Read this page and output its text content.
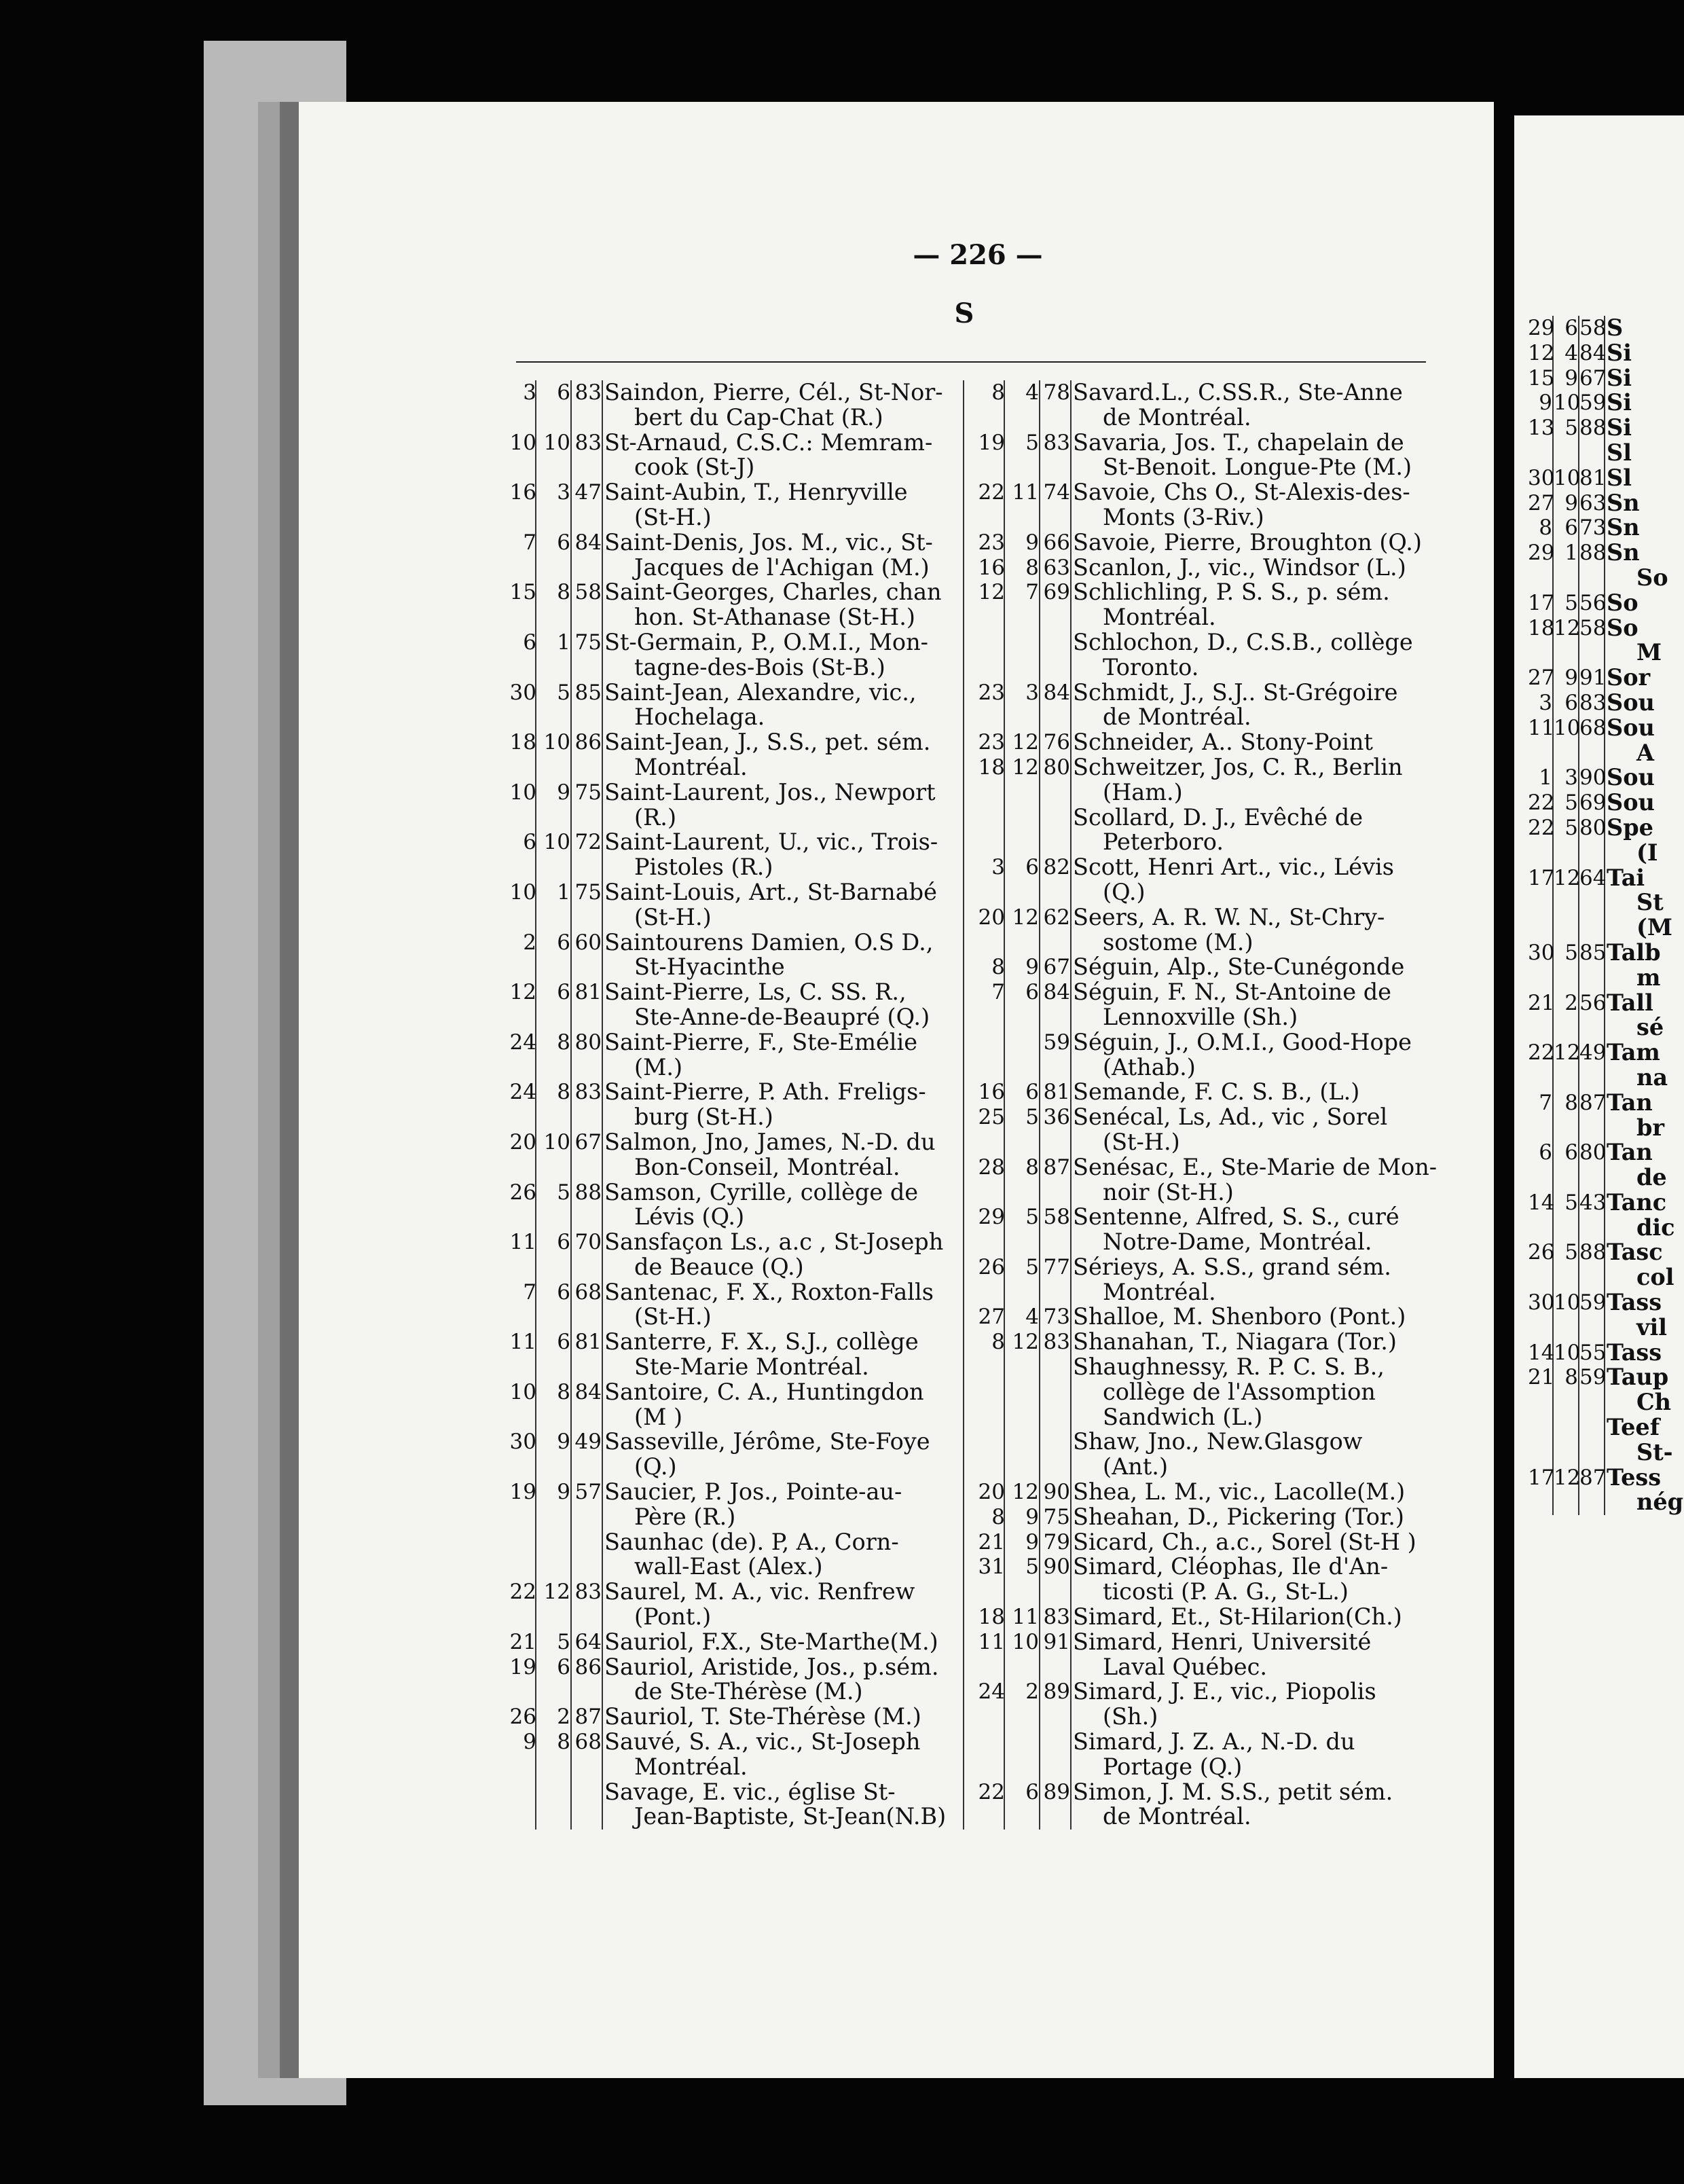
— 226 —
S
3 6 83 Saindon, Pierre, Cél., St-Nor-
bert du Cap-Chat (R.)
10 10 83 St-Arnaud, C.S.C.: Memram-
cook (St-J)
16 3 47 Saint-Aubin, T., Henryville
(St-H.)
7 6 84 Saint-Denis, Jos. M., vic., St-
Jacques de l'Achigan (M.)
15 8 58 Saint-Georges, Charles, chan
hon. St-Athanase (St-H.)
6 1 75 St-Germain, P., O.M.I., Mon-
tagne-des-Bois (St-B.)
30 5 85 Saint-Jean, Alexandre, vic.,
Hochelaga.
18 10 86 Saint-Jean, J., S.S., pet. sém.
Montréal.
10 9 75 Saint-Laurent, Jos., Newport
(R.)
6 10 72 Saint-Laurent, U., vic., Trois-
Pistoles (R.)
10 1 75 Saint-Louis, Art., St-Barnabé
(St-H.)
2 6 60 Saintourens Damien, O.S D.,
St-Hyacinthe
12 6 81 Saint-Pierre, Ls, C. SS. R.,
Ste-Anne-de-Beaupré (Q.)
24 8 80 Saint-Pierre, F., Ste-Emélie
(M.)
24 8 83 Saint-Pierre, P. Ath. Freligs-
burg (St-H.)
20 10 67 Salmon, Jno, James, N.-D. du
Bon-Conseil, Montréal.
26 5 88 Samson, Cyrille, collège de
Lévis (Q.)
11 6 70 Sansfaçon Ls., a.c , St-Joseph
de Beauce (Q.)
7 6 68 Santenac, F. X., Roxton-Falls
(St-H.)
11 6 81 Santerre, F. X., S.J., collège
Ste-Marie Montréal.
10 8 84 Santoire, C. A., Huntingdon
(M )
30 9 49 Sasseville, Jérôme, Ste-Foye
(Q.)
19 9 57 Saucier, P. Jos., Pointe-au-
Père (R.)
Saunhac (de). P, A., Corn-
wall-East (Alex.)
22 12 83 Saurel, M. A., vic. Renfrew
(Pont.)
21 5 64 Sauriol, F.X., Ste-Marthe(M.)
19 6 86 Sauriol, Aristide, Jos., p.sém.
de Ste-Thérèse (M.)
26 2 87 Sauriol, T. Ste-Thérèse (M.)
9 8 68 Sauvé, S. A., vic., St-Joseph
Montréal.
Savage, E. vic., église St-
Jean-Baptiste, St-Jean(N.B)
8 4 78 Savard.L., C.SS.R., Ste-Anne
de Montréal.
19 5 83 Savaria, Jos. T., chapelain de
St-Benoit. Longue-Pte (M.)
22 11 74 Savoie, Chs O., St-Alexis-des-
Monts (3-Riv.)
23 9 66 Savoie, Pierre, Broughton (Q.)
16 8 63 Scanlon, J., vic., Windsor (L.)
12 7 69 Schlichling, P. S. S., p. sém.
Montréal.
Schlochon, D., C.S.B., collège
Toronto.
23 3 84 Schmidt, J., S.J.. St-Grégoire
de Montréal.
23 12 76 Schneider, A.. Stony-Point
18 12 80 Schweitzer, Jos, C. R., Berlin
(Ham.)
Scollard, D. J., Evêché de
Peterboro.
3 6 82 Scott, Henri Art., vic., Lévis
(Q.)
20 12 62 Seers, A. R. W. N., St-Chry-
sostome (M.)
8 9 67 Séguin, Alp., Ste-Cunégonde
7 6 84 Séguin, F. N., St-Antoine de
Lennoxville (Sh.)
59 Séguin, J., O.M.I., Good-Hope
(Athab.)
16 6 81 Semande, F. C. S. B., (L.)
25 5 36 Senécal, Ls, Ad., vic , Sorel
(St-H.)
28 8 87 Senésac, E., Ste-Marie de Mon-
noir (St-H.)
29 5 58 Sentenne, Alfred, S. S., curé
Notre-Dame, Montréal.
26 5 77 Sérieys, A. S.S., grand sém.
Montréal.
27 4 73 Shalloe, M. Shenboro (Pont.)
8 12 83 Shanahan, T., Niagara (Tor.)
Shaughnessy, R. P. C. S. B.,
collège de l'Assomption
Sandwich (L.)
Shaw, Jno., New.Glasgow
(Ant.)
20 12 90 Shea, L. M., vic., Lacolle(M.)
8 9 75 Sheahan, D., Pickering (Tor.)
21 9 79 Sicard, Ch., a.c., Sorel (St-H )
31 5 90 Simard, Cléophas, Ile d'An-
ticosti (P. A. G., St-L.)
18 11 83 Simard, Et., St-Hilarion(Ch.)
11 10 91 Simard, Henri, Université
Laval Québec.
24 2 89 Simard, J. E., vic., Piopolis
(Sh.)
Simard, J. Z. A., N.-D. du
Portage (Q.)
22 6 89 Simon, J. M. S.S., petit sém.
de Montréal.
29 6 58 S
12 4 84 Si
15 9 67 Si
9 10
59 Si
13 5 88 Si
Sl
30
10
81 Sl
27 9 63 Sn
8 6 73 Sn
29 1 88 Sn
So
17 5 56 So
18
12
58 So
M
27 9 91 Sor
3 6 83 Sou
11
10
68 Sou
A
1 3 90 Sou
22 5 69 Sou
22 5 80 Spe
(I
17
12
64 Tai
St
(M
30 5 85 Talb
m
21 2 56 Tall
sé
22
12
49 Tam
na
7 8 87 Tan
br
6 6 80 Tan
de
14 5 43 Tanc
dic
26 5 88 Tasc
col
30
10
59 Tass
vil
14
10
55 Tass
21 8 59 Taup
Ch
Teef
St-
17
12
87 Tess
nég
